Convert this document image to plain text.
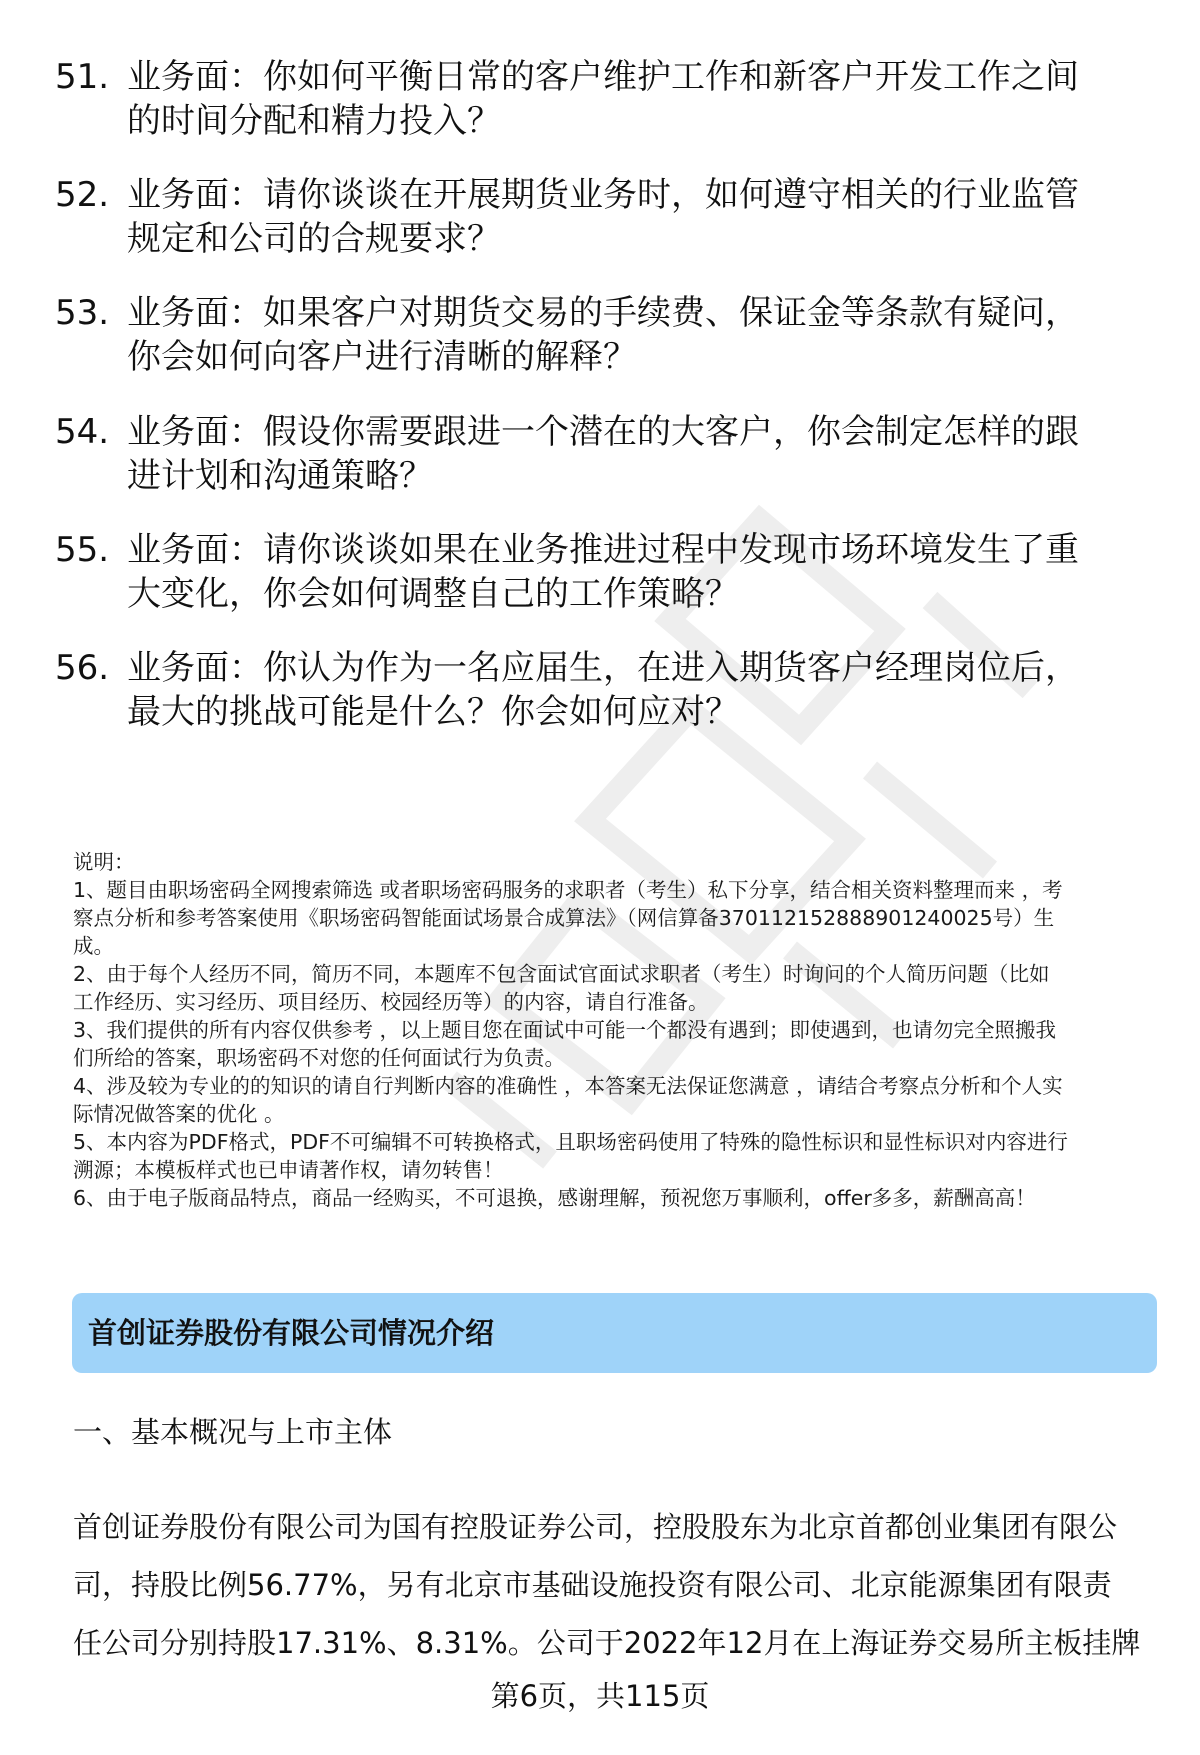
51. 业务面：你如何平衡日常的客户维护工作和新客户开发工作之间
的时间分配和精力投入？
52. 业务面：请你谈谈在开展期货业务时，如何遵守相关的行业监管
规定和公司的合规要求？
53. 业务面：如果客户对期货交易的手续费、保证金等条款有疑问，
你会如何向客户进行清晰的解释？
54. 业务面：假设你需要跟进一个潜在的大客户，你会制定怎样的跟
进计划和沟通策略？
55. 业务面：请你谈谈如果在业务推进过程中发现市场环境发生了重
大变化，你会如何调整自己的工作策略？
56. 业务面：你认为作为一名应届生，在进入期货客户经理岗位后，
最大的挑战可能是什么？你会如何应对？
说明：
1、题目由职场密码全网搜索筛选 或者职场密码服务的求职者（考生）私下分享，结合相关资料整理而来 ，考
察点分析和参考答案使用《职场密码智能面试场景合成算法》（网信算备370112152888901240025号）生
成。
2、由于每个人经历不同，简历不同，本题库不包含面试官面试求职者（考生）时询问的个人简历问题（比如
工作经历、实习经历、项目经历、校园经历等）的内容，请自行准备。
3、我们提供的所有内容仅供参考 ，以上题目您在面试中可能一个都没有遇到；即使遇到，也请勿完全照搬我
们所给的答案，职场密码不对您的任何面试行为负责。
4、涉及较为专业的的知识的请自行判断内容的准确性 ，本答案无法保证您满意 ，请结合考察点分析和个人实
际情况做答案的优化 。
5、本内容为PDF格式，PDF不可编辑不可转换格式，且职场密码使用了特殊的隐性标识和显性标识对内容进行
溯源；本模板样式也已申请著作权，请勿转售！
6、由于电子版商品特点，商品一经购买，不可退换，感谢理解，预祝您万事顺利，offer多多，薪酬高高！
首创证券股份有限公司情况介绍
一、基本概况与上市主体
首创证券股份有限公司为国有控股证券公司，控股股东为北京首都创业集团有限公
司，持股比例56.77%，另有北京市基础设施投资有限公司、北京能源集团有限责
任公司分别持股17.31%、8.31%。公司于2022年12月在上海证券交易所主板挂牌
第6页，共115页
